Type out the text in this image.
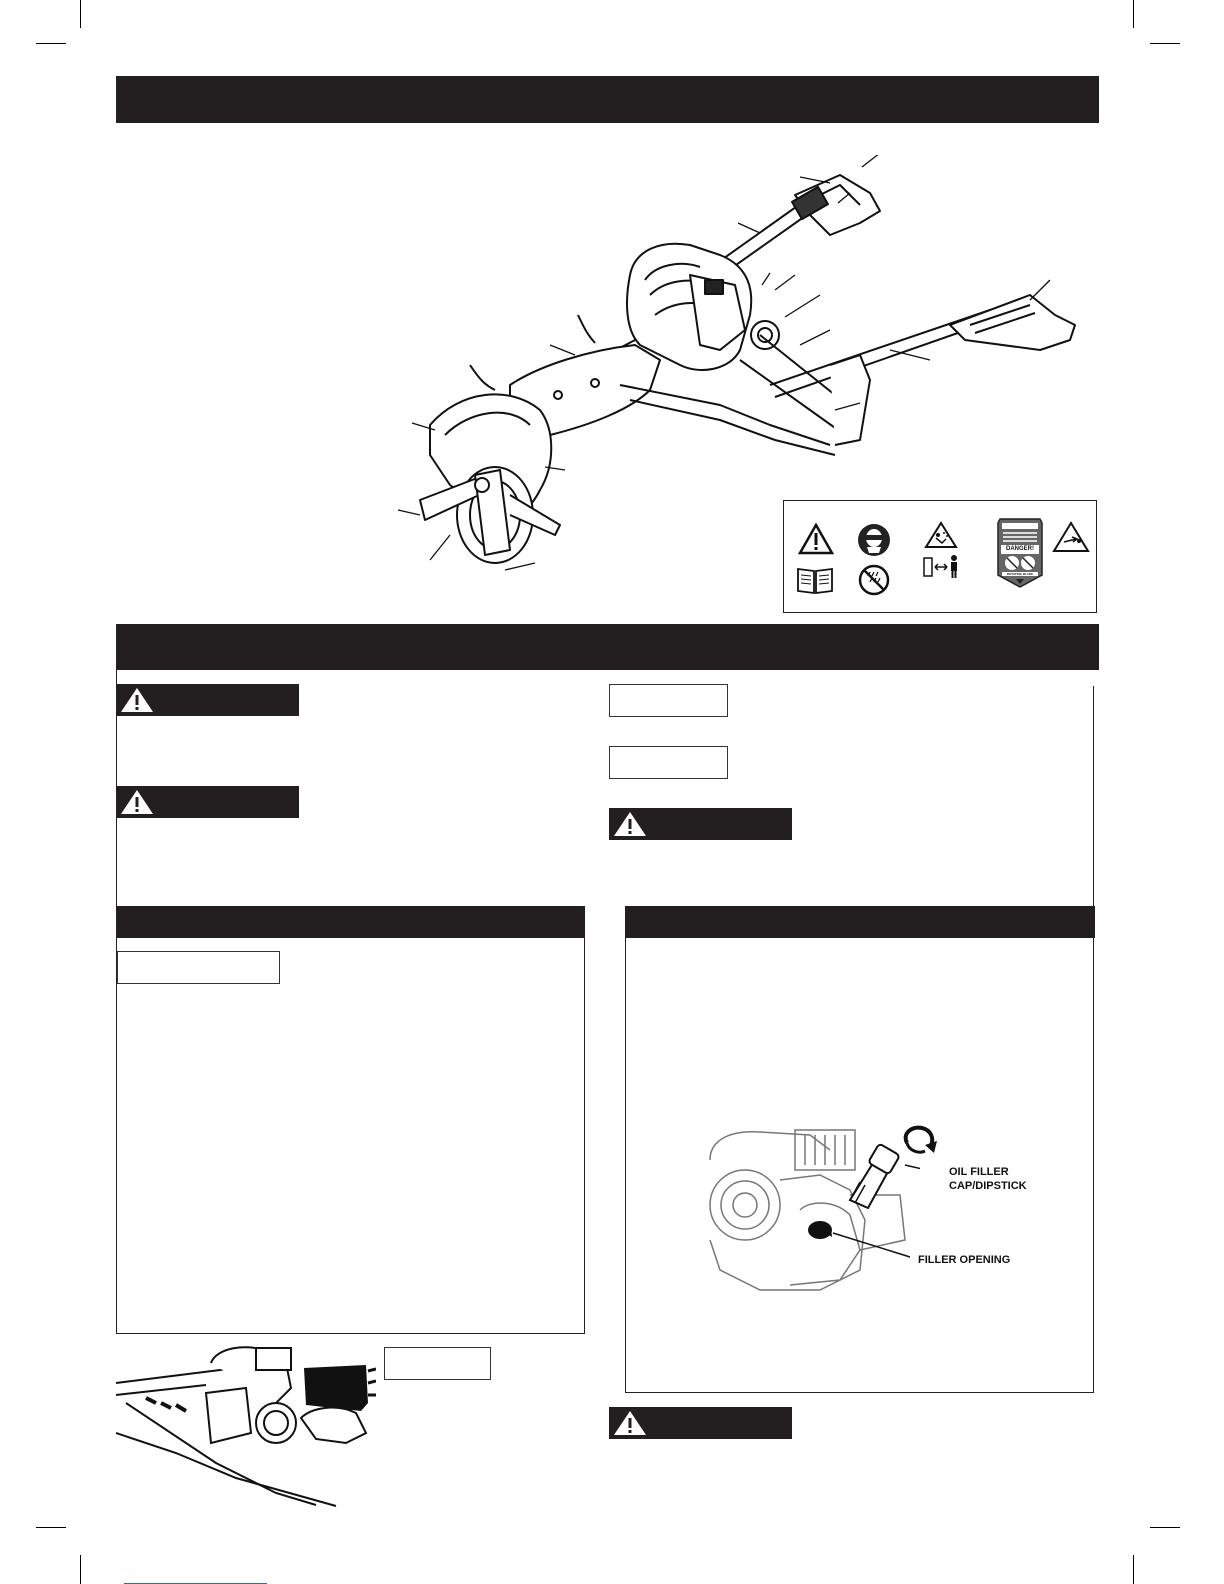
DANGER!
ROTATING BLADE
OIL FILLER
CAP/DIPSTICK
FILLER OPENING
